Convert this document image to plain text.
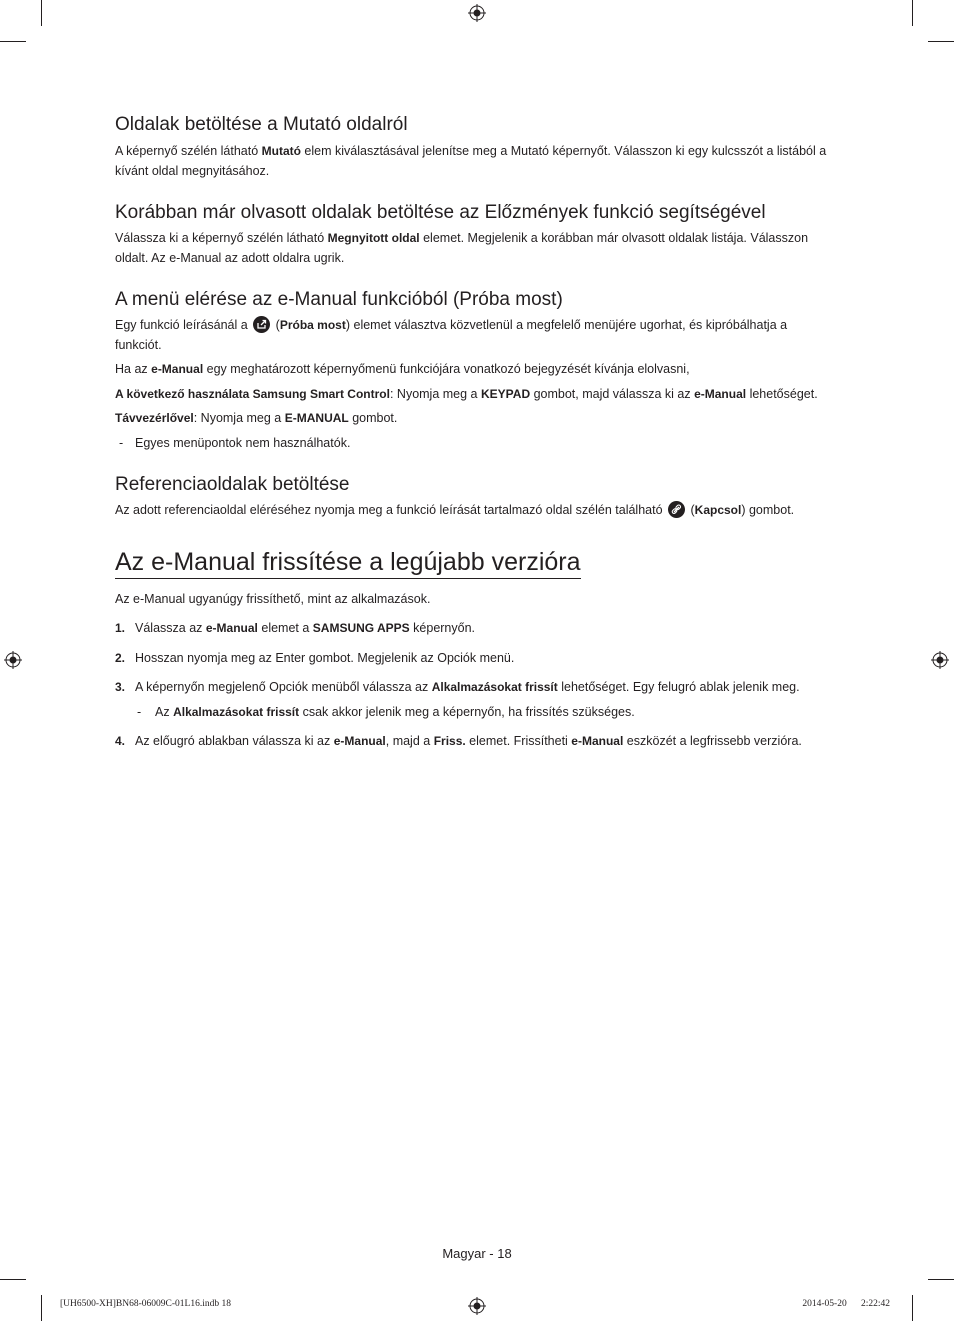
Oldalak betöltése a Mutató oldalról

A képernyő szélén látható Mutató elem kiválasztásával jelenítse meg a Mutató képernyőt. Válasszon ki egy kulcsszót a listából a kívánt oldal megnyitásához.

Korábban már olvasott oldalak betöltése az Előzmények funkció segítségével

Válassza ki a képernyő szélén látható Megnyitott oldal elemet. Megjelenik a korábban már olvasott oldalak listája. Válasszon oldalt. Az e-Manual az adott oldalra ugrik.

A menü elérése az e-Manual funkcióból (Próba most)

Egy funkció leírásánál a
(Próba most) elemet választva közvetlenül a megfelelő menüjére ugorhat, és kipróbálhatja a funkciót.

Ha az e-Manual egy meghatározott képernyőmenü funkciójára vonatkozó bejegyzését kívánja elolvasni,

A következő használata Samsung Smart Control: Nyomja meg a KEYPAD gombot, majd válassza ki az e-Manual lehetőséget.

Távvezérlővel: Nyomja meg a E-MANUAL gombot.

- Egyes menüpontok nem használhatók.

Referenciaoldalak betöltése

Az adott referenciaoldal eléréséhez nyomja meg a funkció leírását tartalmazó oldal szélén található
(Kapcsol) gombot.

Az e-Manual frissítése a legújabb verzióra

Az e-Manual ugyanúgy frissíthető, mint az alkalmazások.

1. Válassza az e-Manual elemet a SAMSUNG APPS képernyőn.
2. Hosszan nyomja meg az Enter gombot. Megjelenik az Opciók menü.
3. A képernyőn megjelenő Opciók menüből válassza az Alkalmazásokat frissít lehetőséget. Egy felugró ablak jelenik meg.
- Az Alkalmazásokat frissít csak akkor jelenik meg a képernyőn, ha frissítés szükséges.
4. Az előugró ablakban válassza ki az e-Manual, majd a Friss. elemet. Frissítheti e-Manual eszközét a legfrissebb verzióra.
Magyar - 18
[UH6500-XH]BN68-06009C-01L16.indb 18	2014-05-20   2:22:42
